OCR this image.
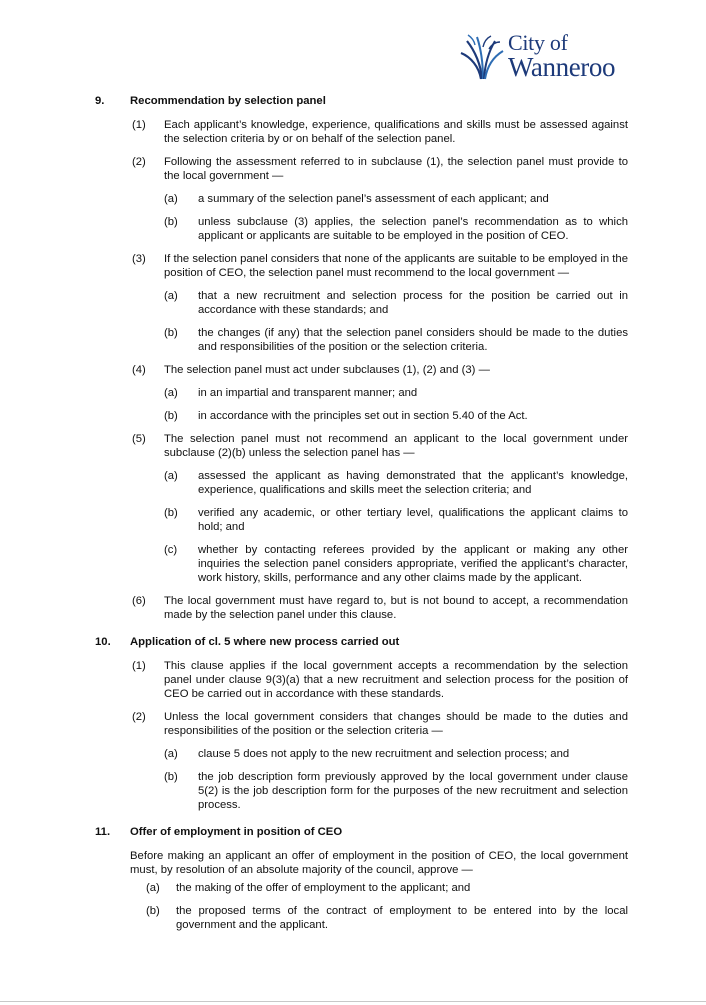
City of
Wanneroo
9. Recommendation by selection panel
(1) Each applicant’s knowledge, experience, qualifications and skills must be assessed against the selection criteria by or on behalf of the selection panel.
(2) Following the assessment referred to in subclause (1), the selection panel must provide to the local government —
(a) a summary of the selection panel’s assessment of each applicant; and
(b) unless subclause (3) applies, the selection panel’s recommendation as to which applicant or applicants are suitable to be employed in the position of CEO.
(3) If the selection panel considers that none of the applicants are suitable to be employed in the position of CEO, the selection panel must recommend to the local government —
(a) that a new recruitment and selection process for the position be carried out in accordance with these standards; and
(b) the changes (if any) that the selection panel considers should be made to the duties and responsibilities of the position or the selection criteria.
(4) The selection panel must act under subclauses (1), (2) and (3) —
(a) in an impartial and transparent manner; and
(b) in accordance with the principles set out in section 5.40 of the Act.
(5) The selection panel must not recommend an applicant to the local government under subclause (2)(b) unless the selection panel has —
(a) assessed the applicant as having demonstrated that the applicant’s knowledge, experience, qualifications and skills meet the selection criteria; and
(b) verified any academic, or other tertiary level, qualifications the applicant claims to hold; and
(c) whether by contacting referees provided by the applicant or making any other inquiries the selection panel considers appropriate, verified the applicant’s character, work history, skills, performance and any other claims made by the applicant.
(6) The local government must have regard to, but is not bound to accept, a recommendation made by the selection panel under this clause.
10. Application of cl. 5 where new process carried out
(1) This clause applies if the local government accepts a recommendation by the selection panel under clause 9(3)(a) that a new recruitment and selection process for the position of CEO be carried out in accordance with these standards.
(2) Unless the local government considers that changes should be made to the duties and responsibilities of the position or the selection criteria —
(a) clause 5 does not apply to the new recruitment and selection process; and
(b) the job description form previously approved by the local government under clause 5(2) is the job description form for the purposes of the new recruitment and selection process.
11. Offer of employment in position of CEO
Before making an applicant an offer of employment in the position of CEO, the local government must, by resolution of an absolute majority of the council, approve —
(a) the making of the offer of employment to the applicant; and
(b) the proposed terms of the contract of employment to be entered into by the local government and the applicant.
